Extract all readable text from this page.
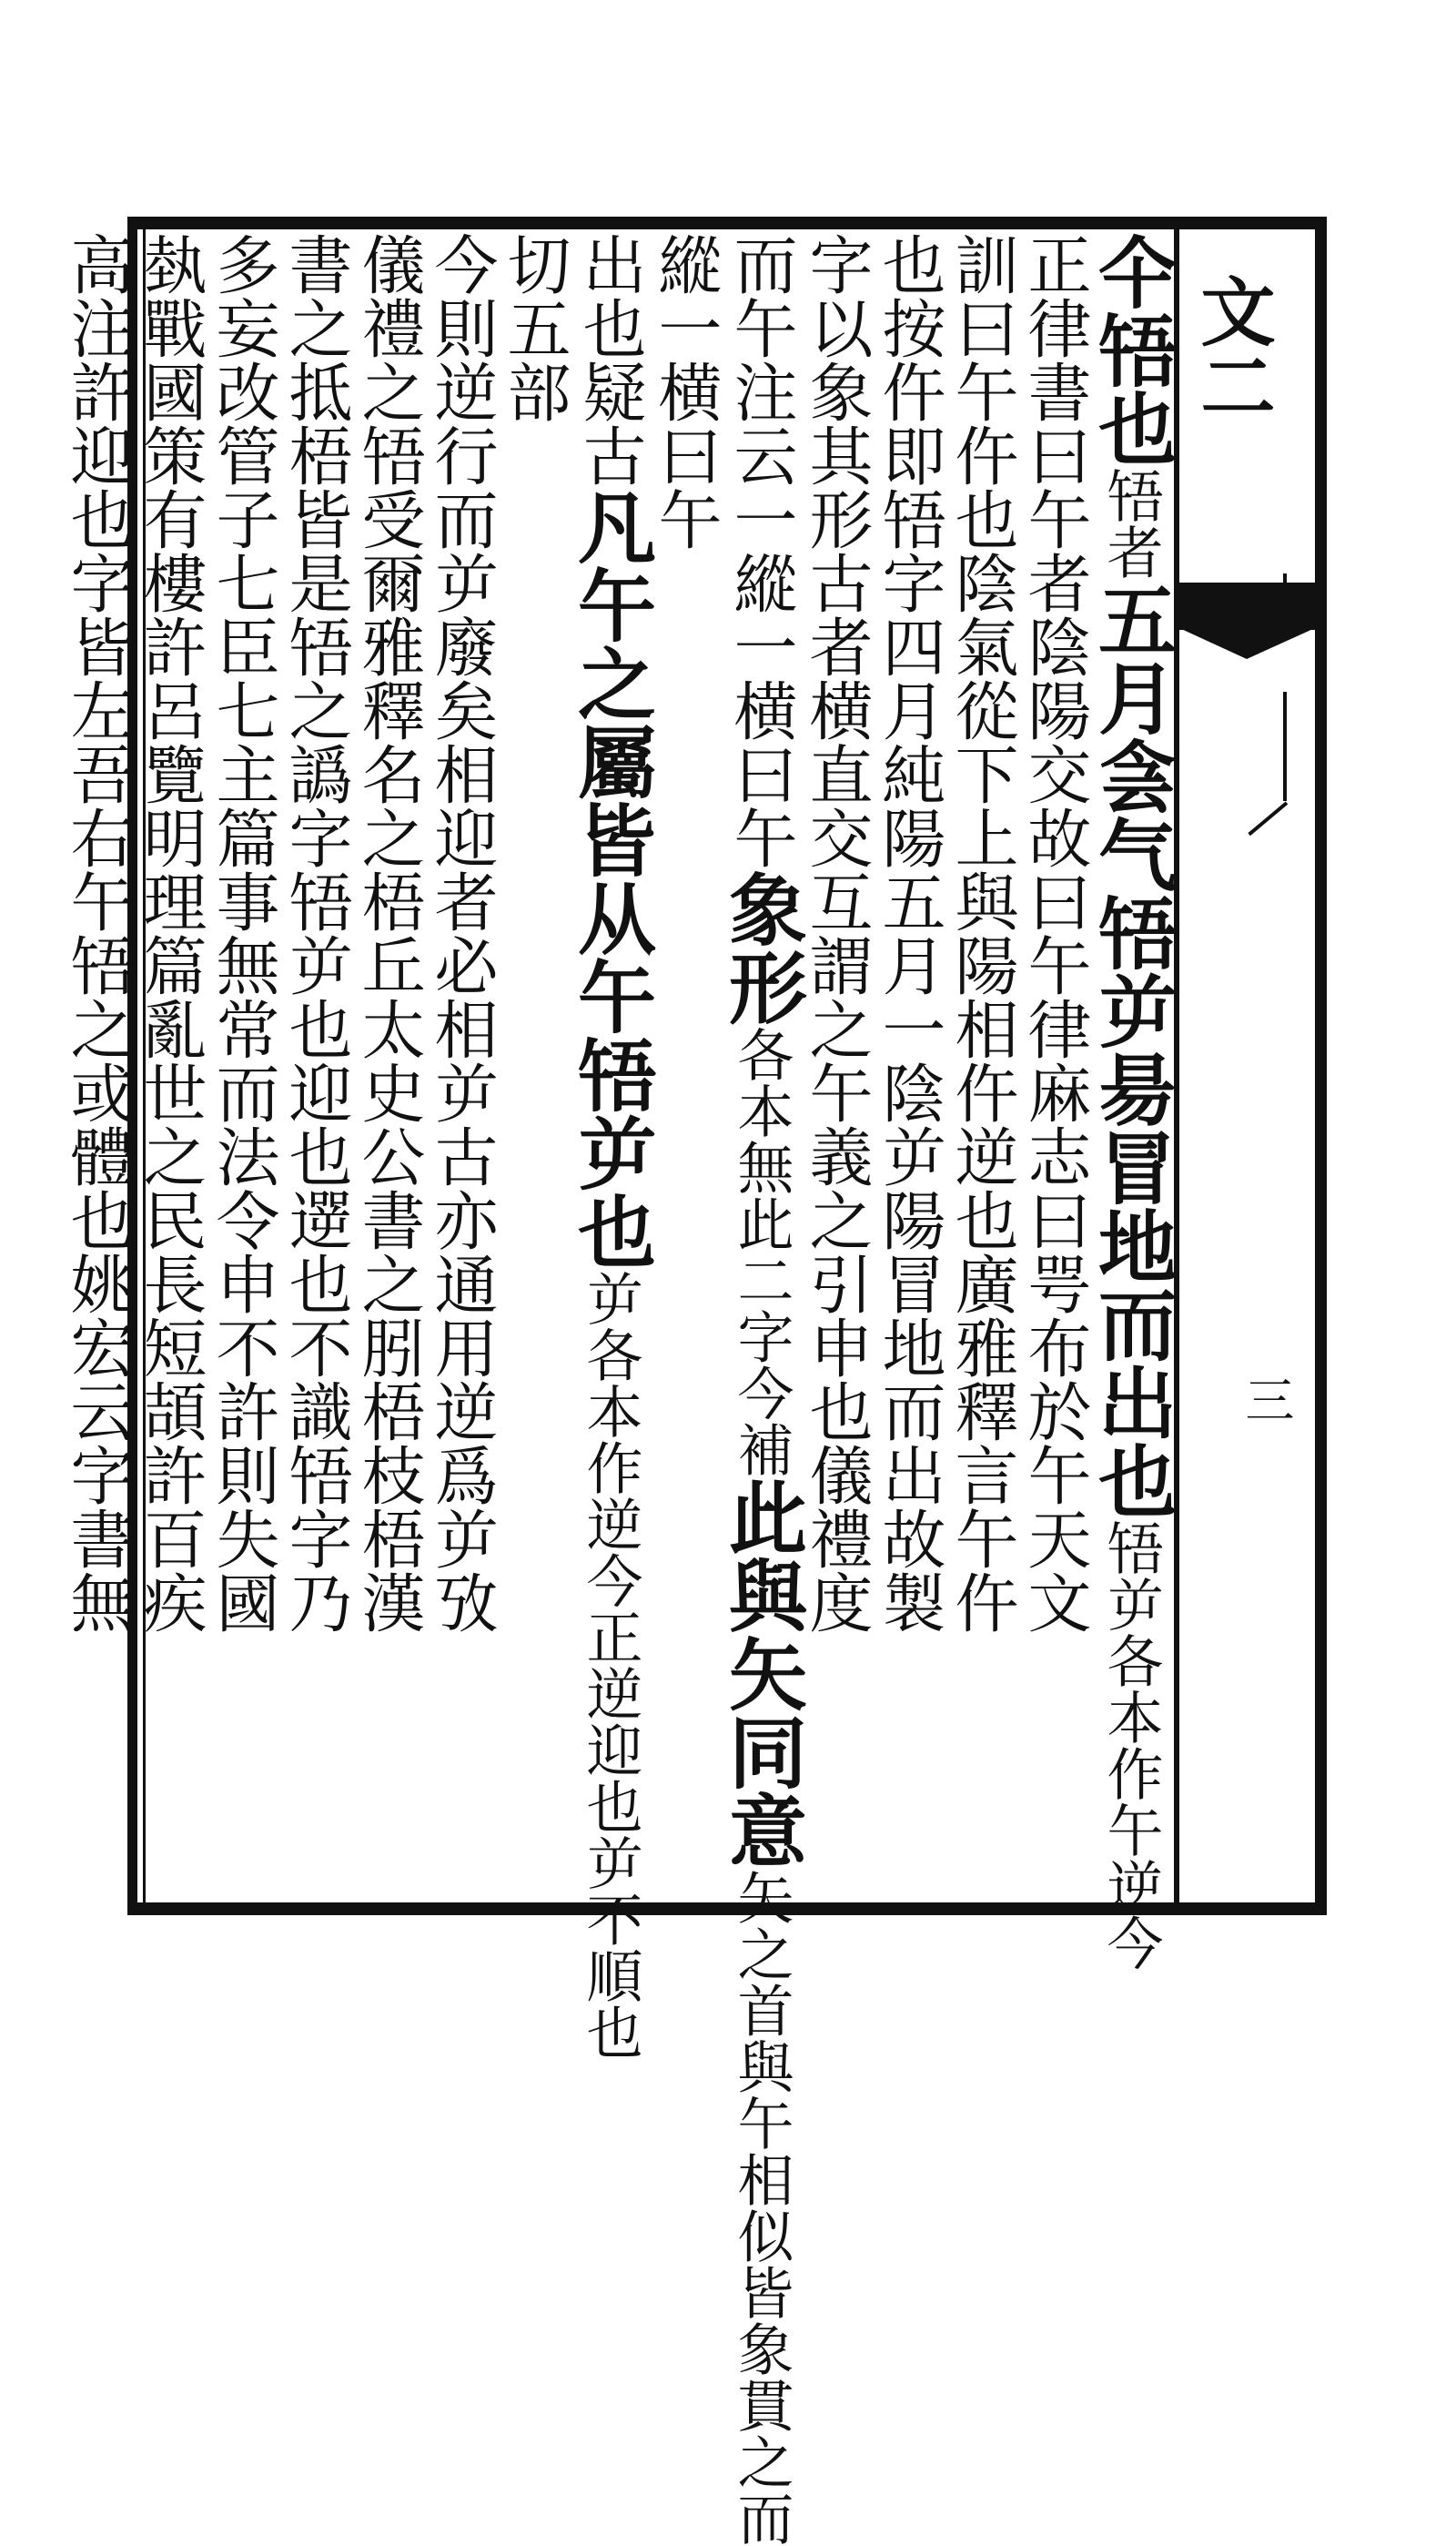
文二
三
仐啎也啎者五月侌气啎屰昜冒地而出也啎屰各本作午逆今
正律書曰午者陰陽交故曰午律麻志曰咢布於午天文
訓曰午仵也陰氣從下上與陽相仵逆也廣雅釋言午仵
也按仵即啎字四月純陽五月一陰屰陽冒地而出故製
字以象其形古者横直交互謂之午義之引申也儀禮度
而午注云一縱一横曰午象形各本無此二字今補此與矢同意矢之首與午相似皆象貫之而
縱一横曰午
出也疑古凡午之屬皆从午啎屰也屰各本作逆今正逆迎也屰不順也
切五部
今則逆行而屰廢矣相迎者必相屰古亦通用逆爲屰攷
儀禮之啎受爾雅釋名之梧丘太史公書之䏖梧枝梧漢
書之抵梧皆是啎之譌字啎屰也迎也遻也不識啎字乃
多妄改管子七臣七主篇事無常而法令申不許則失國
埶戰國策有樓許呂覽明理篇亂世之民長短頡許百疾
高注許迎也字皆左吾右午啎之或體也姚宏云字書無
